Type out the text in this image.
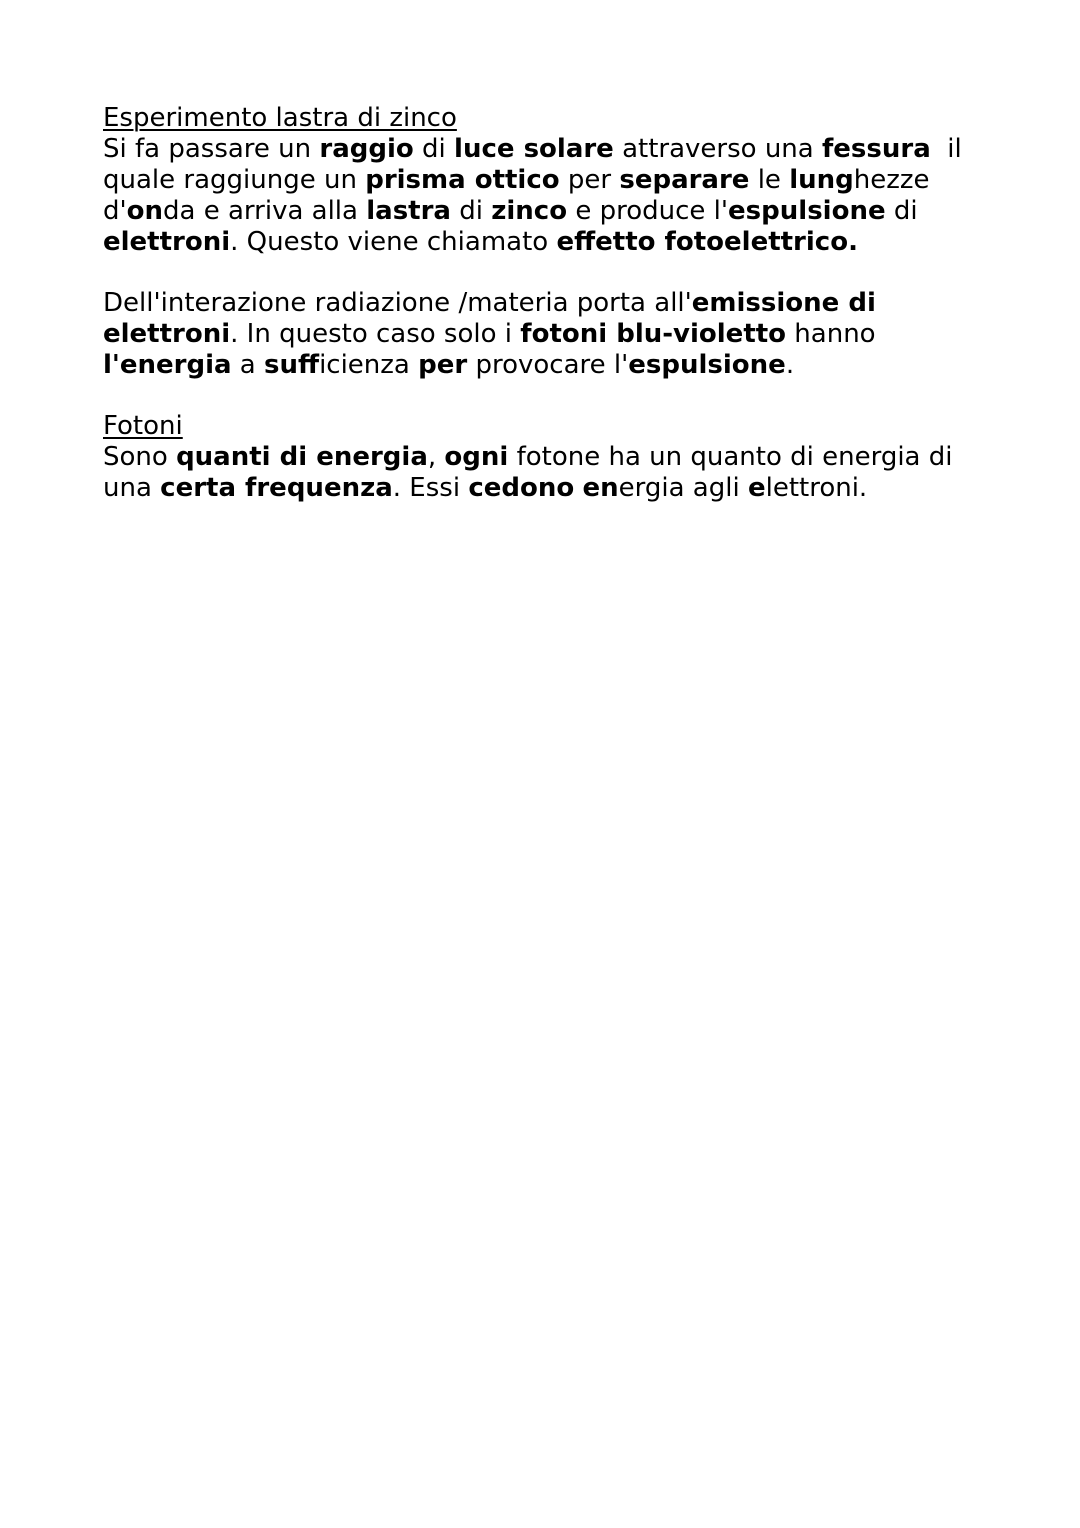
Esperimento lastra di zinco
Si fa passare un raggio di luce solare attraverso una fessura  il
quale raggiunge un prisma ottico per separare le lunghezze
d'onda e arriva alla lastra di zinco e produce l'espulsione di
elettroni. Questo viene chiamato effetto fotoelettrico.
Dell'interazione radiazione /materia porta all'emissione di
elettroni. In questo caso solo i fotoni blu-violetto hanno
l'energia a sufficienza per provocare l'espulsione.
Fotoni
Sono quanti di energia, ogni fotone ha un quanto di energia di
una certa frequenza. Essi cedono energia agli elettroni.
